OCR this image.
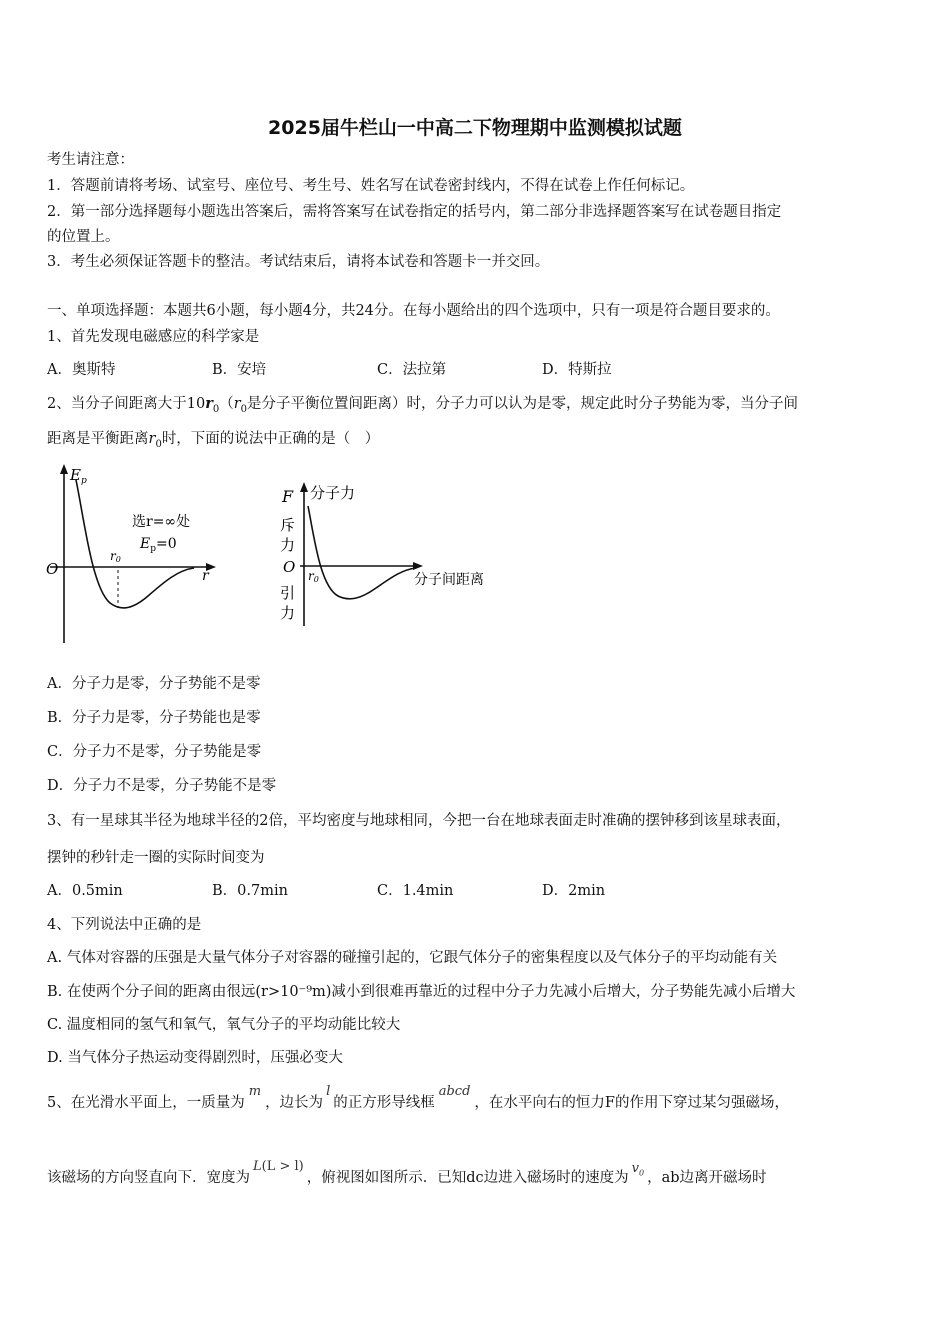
2025届牛栏山一中高二下物理期中监测模拟试题
考生请注意：
1．答题前请将考场、试室号、座位号、考生号、姓名写在试卷密封线内，不得在试卷上作任何标记。
2．第一部分选择题每小题选出答案后，需将答案写在试卷指定的括号内，第二部分非选择题答案写在试卷题目指定
的位置上。
3．考生必须保证答题卡的整洁。考试结束后，请将本试卷和答题卡一并交回。
一、单项选择题：本题共6小题，每小题4分，共24分。在每小题给出的四个选项中，只有一项是符合题目要求的。
1、首先发现电磁感应的科学家是
A．奥斯特	B．安培	C．法拉第	D．特斯拉
2、当分子间距离大于$10r_0(r_0$是分子平衡位置间距离）时，分子力可以认为是零，规定此时分子势能为零，当分子间
距离是平衡距离$r_0$时，下面的说法中正确的是（　）
$E_p$
O	r
r0
选r=∞处
$E_p=0$
F 分子力
斥
力
O
引
力
r0	分子间距离
A．分子力是零，分子势能不是零
B．分子力是零，分子势能也是零
C．分子力不是零，分子势能是零
D．分子力不是零，分子势能不是零
3、有一星球其半径为地球半径的2倍，平均密度与地球相同，今把一台在地球表面走时准确的摆钟移到该星球表面，
摆钟的秒针走一圈的实际时间变为
A．0.5min	B．0.7min	C．1.4min	D．2min
4、下列说法中正确的是
A. 气体对容器的压强是大量气体分子对容器的碰撞引起的，它跟气体分子的密集程度以及气体分子的平均动能有关
B. 在使两个分子间的距离由很远(r>10⁻⁹m)减小到很难再靠近的过程中分子力先减小后增大，分子势能先减小后增大
C. 温度相同的氢气和氧气，氧气分子的平均动能比较大
D. 当气体分子热运动变得剧烈时，压强必变大
5、在光滑水平面上，一质量为m，边长为l的正方形导线框abcd，在水平向右的恒力F的作用下穿过某匀强磁场，
该磁场的方向竖直向下．宽度为L(L > l)，俯视图如图所示．已知dc边进入磁场时的速度为$v_0$ ，ab边离开磁场时
